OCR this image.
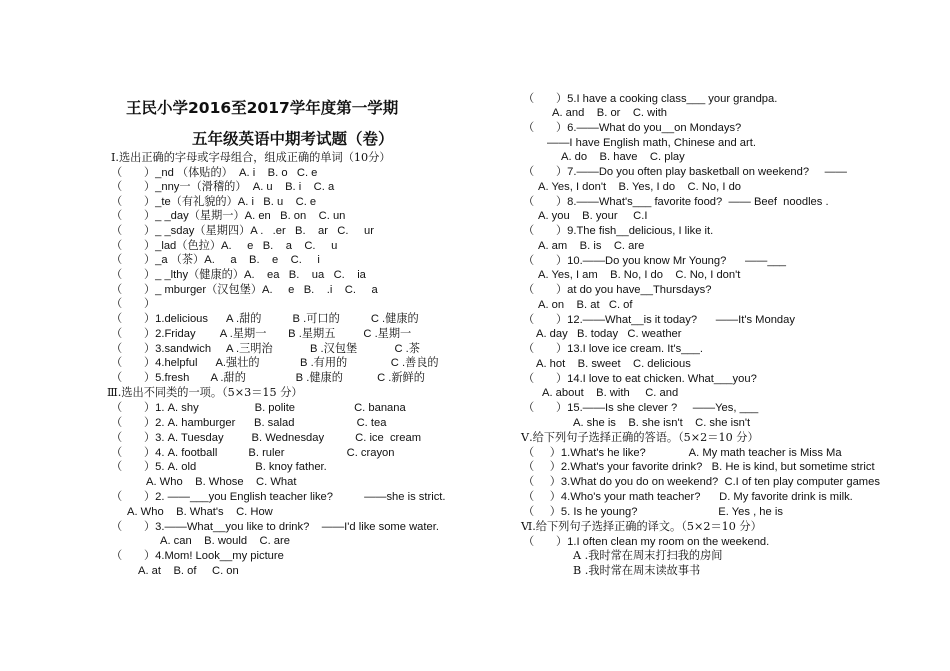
王民小学2016至2017学年度第一学期
五年级英语中期考试题（卷）
Ⅰ.选出正确的字母或字母组合，组成正确的单词（10分）
（       ）_nd （体贴的）  A. i    B. o   C. e
（       ）_nny一（滑稽的）  A. u    B. i    C. a
（       ）_te（有礼貌的）A. i   B. u    C. e
（       ）_ _day（星期一）A. en   B. on    C. un
（       ）_ _sday（星期四）A .   .er   B.    ar   C.     ur
（       ）_lad（色拉）A.     e   B.    a    C.     u
（       ）_a （茶）A.     a    B.    e    C.     i
（       ）_ _lthy（健康的）A.    ea   B.    ua   C.    ia
（       ）_ mburger（汉包堡）A.     e   B.    .i    C.     a
（       ）
（       ）1.delicious      A .甜的          B .可口的          C .健康的
（       ）2.Friday        A .星期一       B .星期五         C .星期一
（       ）3.sandwich     A .三明治            B .汉包堡            C .茶
（       ）4.helpful      A.强壮的             B .有用的              C .善良的
（       ）5.fresh       A .甜的                B .健康的           C .新鲜的
Ⅲ.选出不同类的一项。（5×3＝15 分）
（       ）1. A. shy                  B. polite                   C. banana
（       ）2. A. hamburger      B. salad                    C. tea
（       ）3. A. Tuesday         B. Wednesday          C. ice  cream
（       ）4. A. football          B. ruler                    C. crayon
（       ）5. A. old                   B. knoy father.
A. Who    B. Whose    C. What
（       ）2. ——___you English teacher like?          ——she is strict.
A. Who    B. What's    C. How
（       ）3.——What__you like to drink?    ——I'd like some water.
A. can    B. would    C. are
（       ）4.Mom! Look__my picture
A. at    B. of     C. on
（       ）5.I have a cooking class___ your grandpa.
A. and    B. or    C. with
（       ）6.——What do you__on Mondays?
——I have English math, Chinese and art.
A. do    B. have    C. play
（       ）7.——Do you often play basketball on weekend?     ——
A. Yes, I don't    B. Yes, I do    C. No, I do
（       ）8.——What's___ favorite food?  —— Beef  noodles .
A. you    B. your     C.I
（       ）9.The fish__delicious, I like it.
A. am    B. is    C. are
（       ）10.——Do you know Mr Young?      ——___
A. Yes, I am    B. No, I do    C. No, I don't
（       ）at do you have__Thursdays?
A. on    B. at   C. of
（       ）12.——What__is it today?      ——It's Monday
A. day   B. today   C. weather
（       ）13.I love ice cream. It's___.
A. hot    B. sweet    C. delicious
（       ）14.I love to eat chicken. What___you?
A. about    B. with     C. and
（       ）15.——Is she clever ?     ——Yes, ___
A. she is    B. she isn't    C. she isn't
Ⅴ.给下列句子选择正确的答语。（5×2＝10 分）
（     ）1.What's he like?              A. My math teacher is Miss Ma
（     ）2.What's your favorite drink?   B. He is kind, but sometime strict
（     ）3.What do you do on weekend?  C.I of ten play computer games
（     ）4.Who's your math teacher?      D. My favorite drink is milk.
（     ）5. Is he young?                          E. Yes , he is
Ⅵ.给下列句子选择正确的译文。（5×2＝10 分）
（       ）1.I often clean my room on the weekend.
A .我时常在周末打扫我的房间
B .我时常在周末读故事书
